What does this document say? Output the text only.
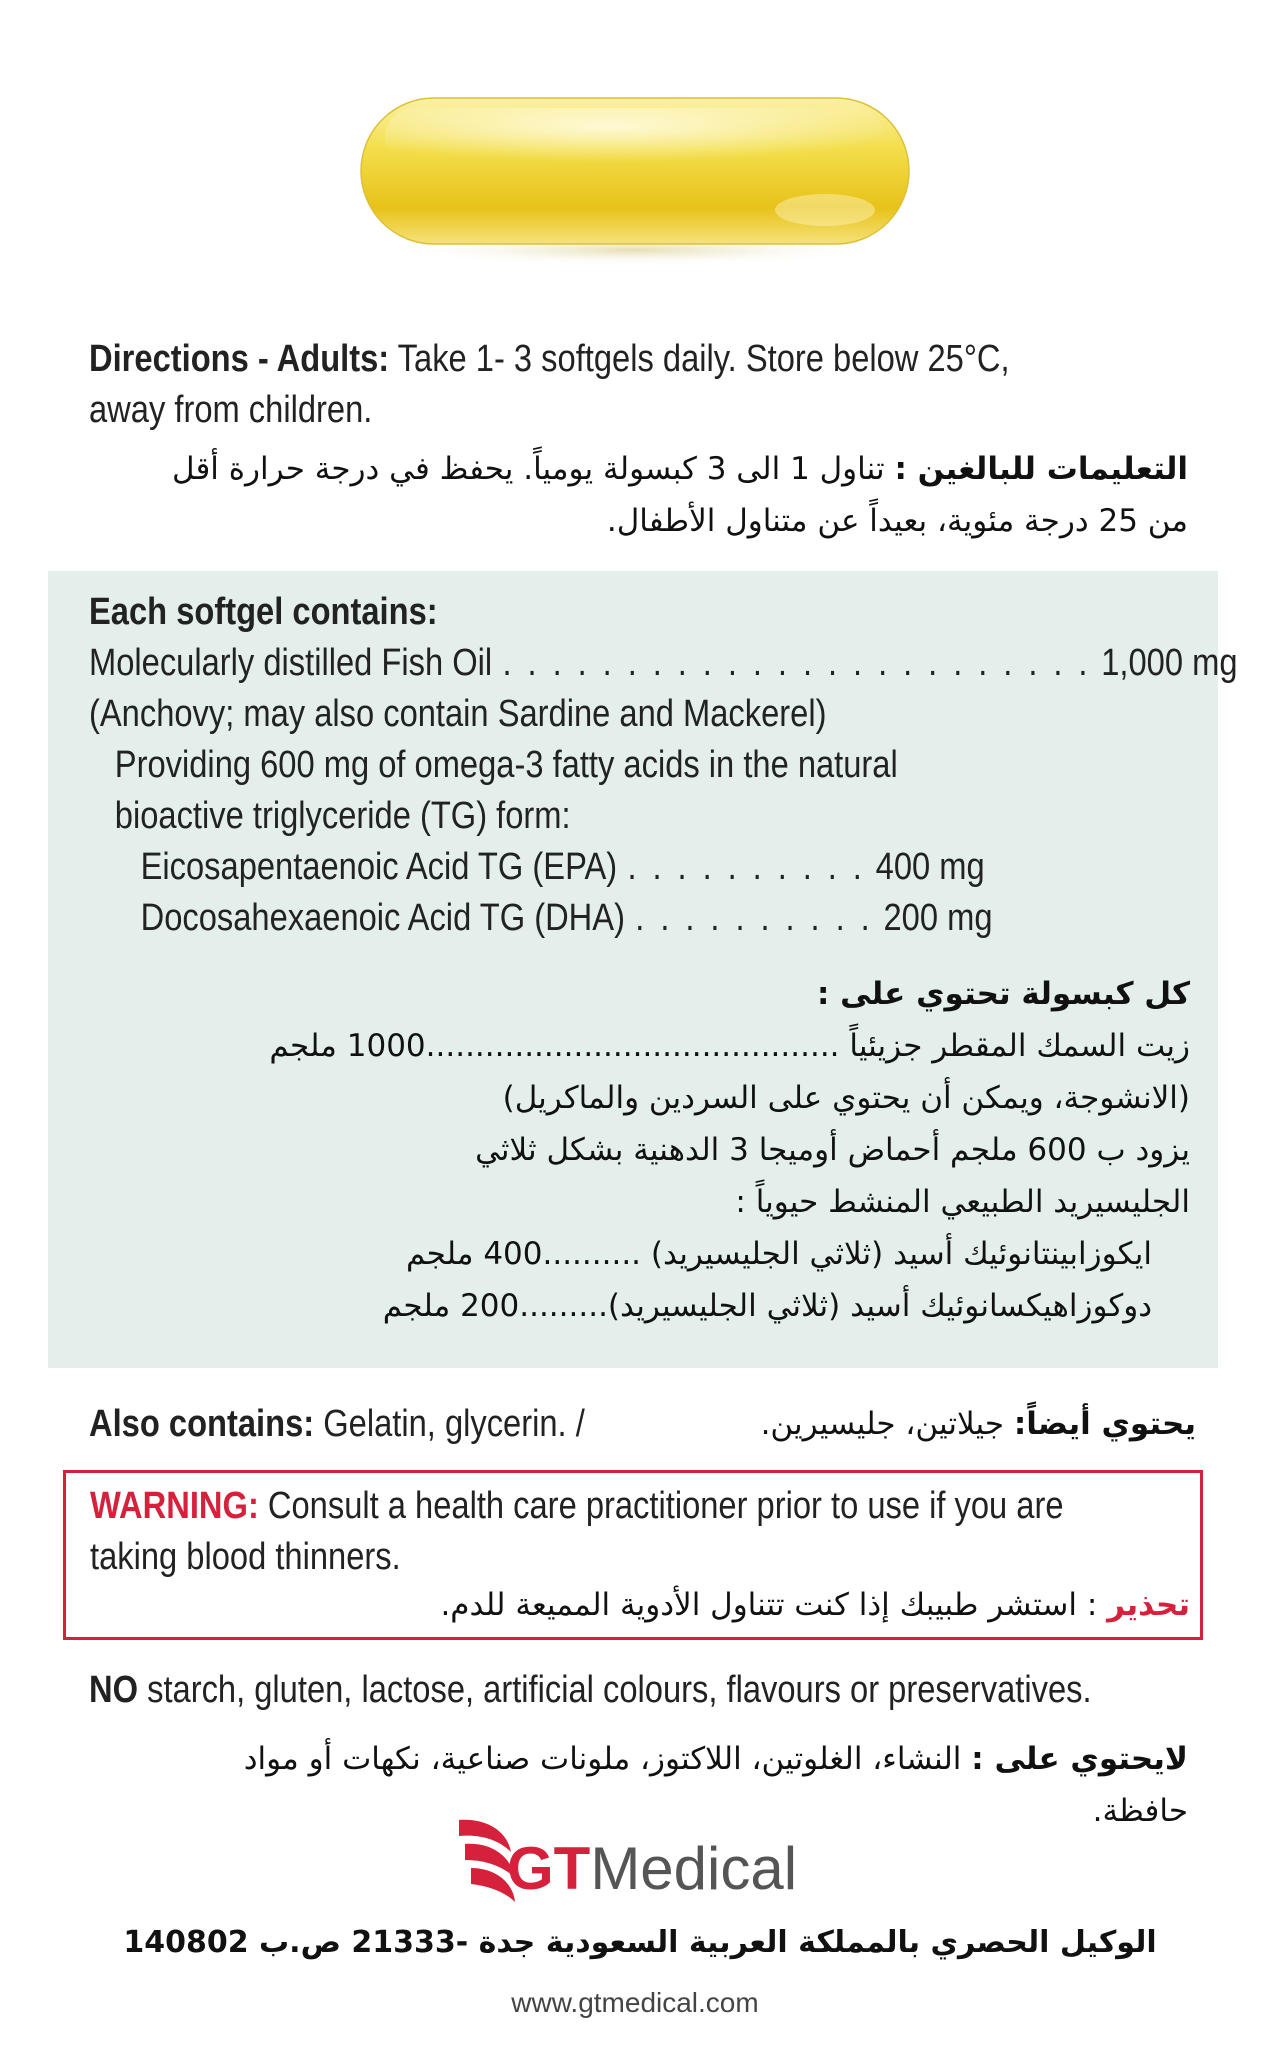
Directions - Adults: Take 1- 3 softgels daily. Store below 25°C,
away from children.
التعليمات للبالغين : تناول 1 الى 3 كبسولة يومياً. يحفظ في درجة حرارة أقل
من 25 درجة مئوية، بعيداً عن متناول الأطفال.
Each softgel contains:
Molecularly distilled Fish Oil . . . . . . . . . . . . . . . . . . . . . . . . 1,000 mg
(Anchovy; may also contain Sardine and Mackerel)
Providing 600 mg of omega-3 fatty acids in the natural
bioactive triglyceride (TG) form:
Eicosapentaenoic Acid TG (EPA) . . . . . . . . . . 400 mg
Docosahexaenoic Acid TG (DHA) . . . . . . . . . . 200 mg
كل كبسولة تحتوي على :
زيت السمك المقطر جزيئياً ..........................................1000 ملجم
(الانشوجة، ويمكن أن يحتوي على السردين والماكريل)
يزود ب 600 ملجم أحماض أوميجا 3 الدهنية بشكل ثلاثي
الجليسيريد الطبيعي المنشط حيوياً :
ايكوزابينتانوئيك أسيد (ثلاثي الجليسيريد) ..........400 ملجم
دوكوزاهيكسانوئيك أسيد (ثلاثي الجليسيريد).........200 ملجم
Also contains: Gelatin, glycerin. /	يحتوي أيضاً: جيلاتين، جليسيرين.
WARNING: Consult a health care practitioner prior to use if you are
taking blood thinners.
تحذير : استشر طبيبك إذا كنت تتناول الأدوية المميعة للدم.
NO starch, gluten, lactose, artificial colours, flavours or preservatives.
لايحتوي على : النشاء، الغلوتين، اللاكتوز، ملونات صناعية، نكهات أو مواد
حافظة.
GTMedical
الوكيل الحصري بالمملكة العربية السعودية جدة -21333 ص.ب 140802
www.gtmedical.com
